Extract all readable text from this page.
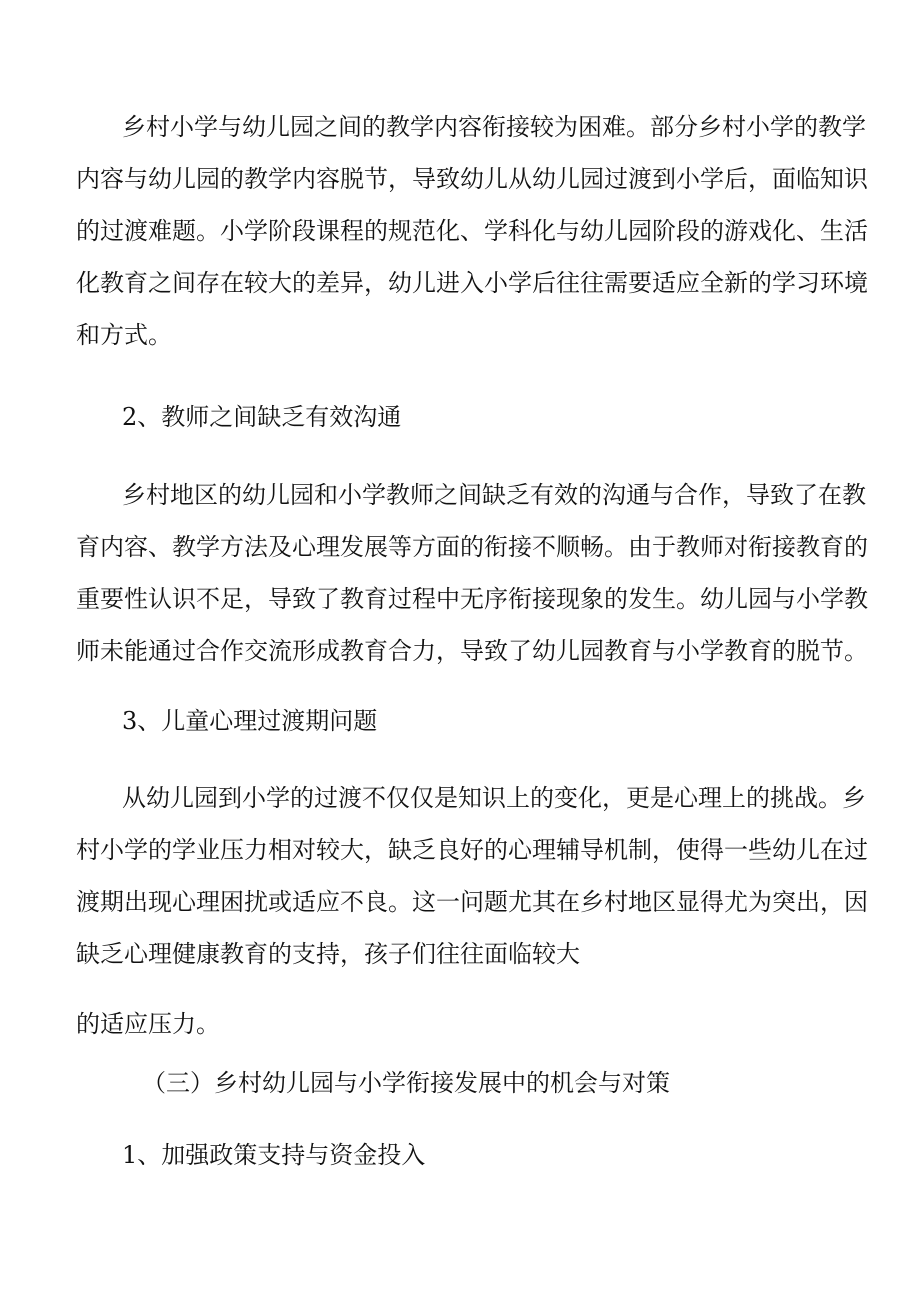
乡村小学与幼儿园之间的教学内容衔接较为困难。部分乡村小学的教学
内容与幼儿园的教学内容脱节，导致幼儿从幼儿园过渡到小学后，面临知识
的过渡难题。小学阶段课程的规范化、学科化与幼儿园阶段的游戏化、生活
化教育之间存在较大的差异，幼儿进入小学后往往需要适应全新的学习环境
和方式。
2、教师之间缺乏有效沟通
乡村地区的幼儿园和小学教师之间缺乏有效的沟通与合作，导致了在教
育内容、教学方法及心理发展等方面的衔接不顺畅。由于教师对衔接教育的
重要性认识不足，导致了教育过程中无序衔接现象的发生。幼儿园与小学教
师未能通过合作交流形成教育合力，导致了幼儿园教育与小学教育的脱节。
3、儿童心理过渡期问题
从幼儿园到小学的过渡不仅仅是知识上的变化，更是心理上的挑战。乡
村小学的学业压力相对较大，缺乏良好的心理辅导机制，使得一些幼儿在过
渡期出现心理困扰或适应不良。这一问题尤其在乡村地区显得尤为突出，因
缺乏心理健康教育的支持，孩子们往往面临较大
的适应压力。
（三）乡村幼儿园与小学衔接发展中的机会与对策
1、加强政策支持与资金投入
